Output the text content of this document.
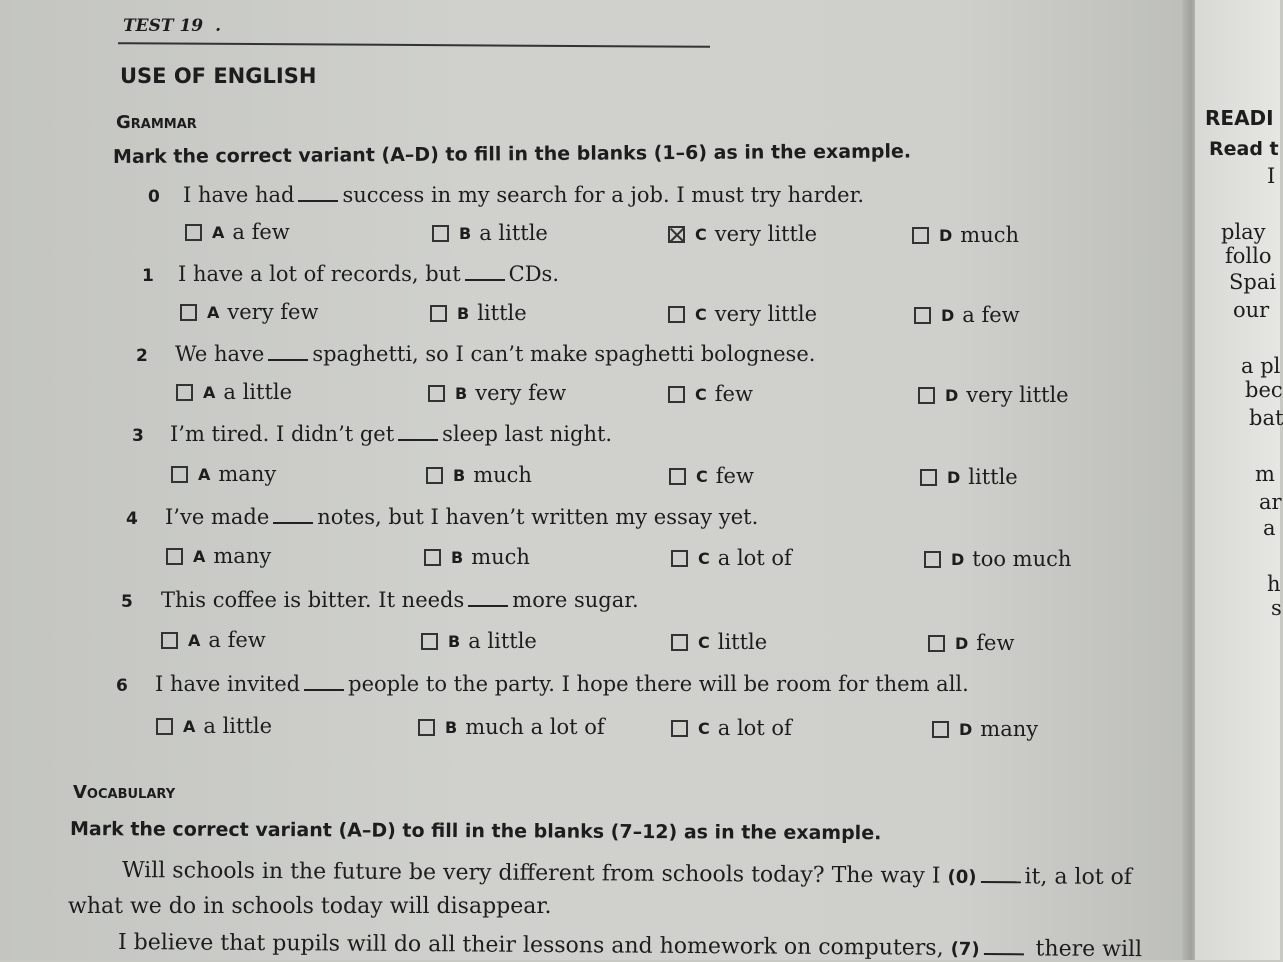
TEST 19 .
USE OF ENGLISH
Grammar
Mark the correct variant (A–D) to fill in the blanks (1–6) as in the example.
0 I have had success in my search for a job. I must try harder.
A a few	B a little	C very little	D much
1 I have a lot of records, but CDs.
A very few	B little	C very little	D a few
2 We have spaghetti, so I can’t make spaghetti bolognese.
A a little	B very few	C few	D very little
3 I’m tired. I didn’t get sleep last night.
A many	B much	C few	D little
4 I’ve made notes, but I haven’t written my essay yet.
A many	B much	C a lot of	D too much
5 This coffee is bitter. It needs more sugar.
A a few	B a little	C little	D few
6 I have invited people to the party. I hope there will be room for them all.
A a little	B much a lot of	C a lot of	D many
Vocabulary
Mark the correct variant (A–D) to fill in the blanks (7–12) as in the example.
Will schools in the future be very different from schools today? The way I (0) it, a lot of
what we do in schools today will disappear.
I believe that pupils will do all their lessons and homework on computers, (7)	there will
READI
Read t
I
play
follo
Spai
our
a pl
bec
bat
m
ar
a
h
s
